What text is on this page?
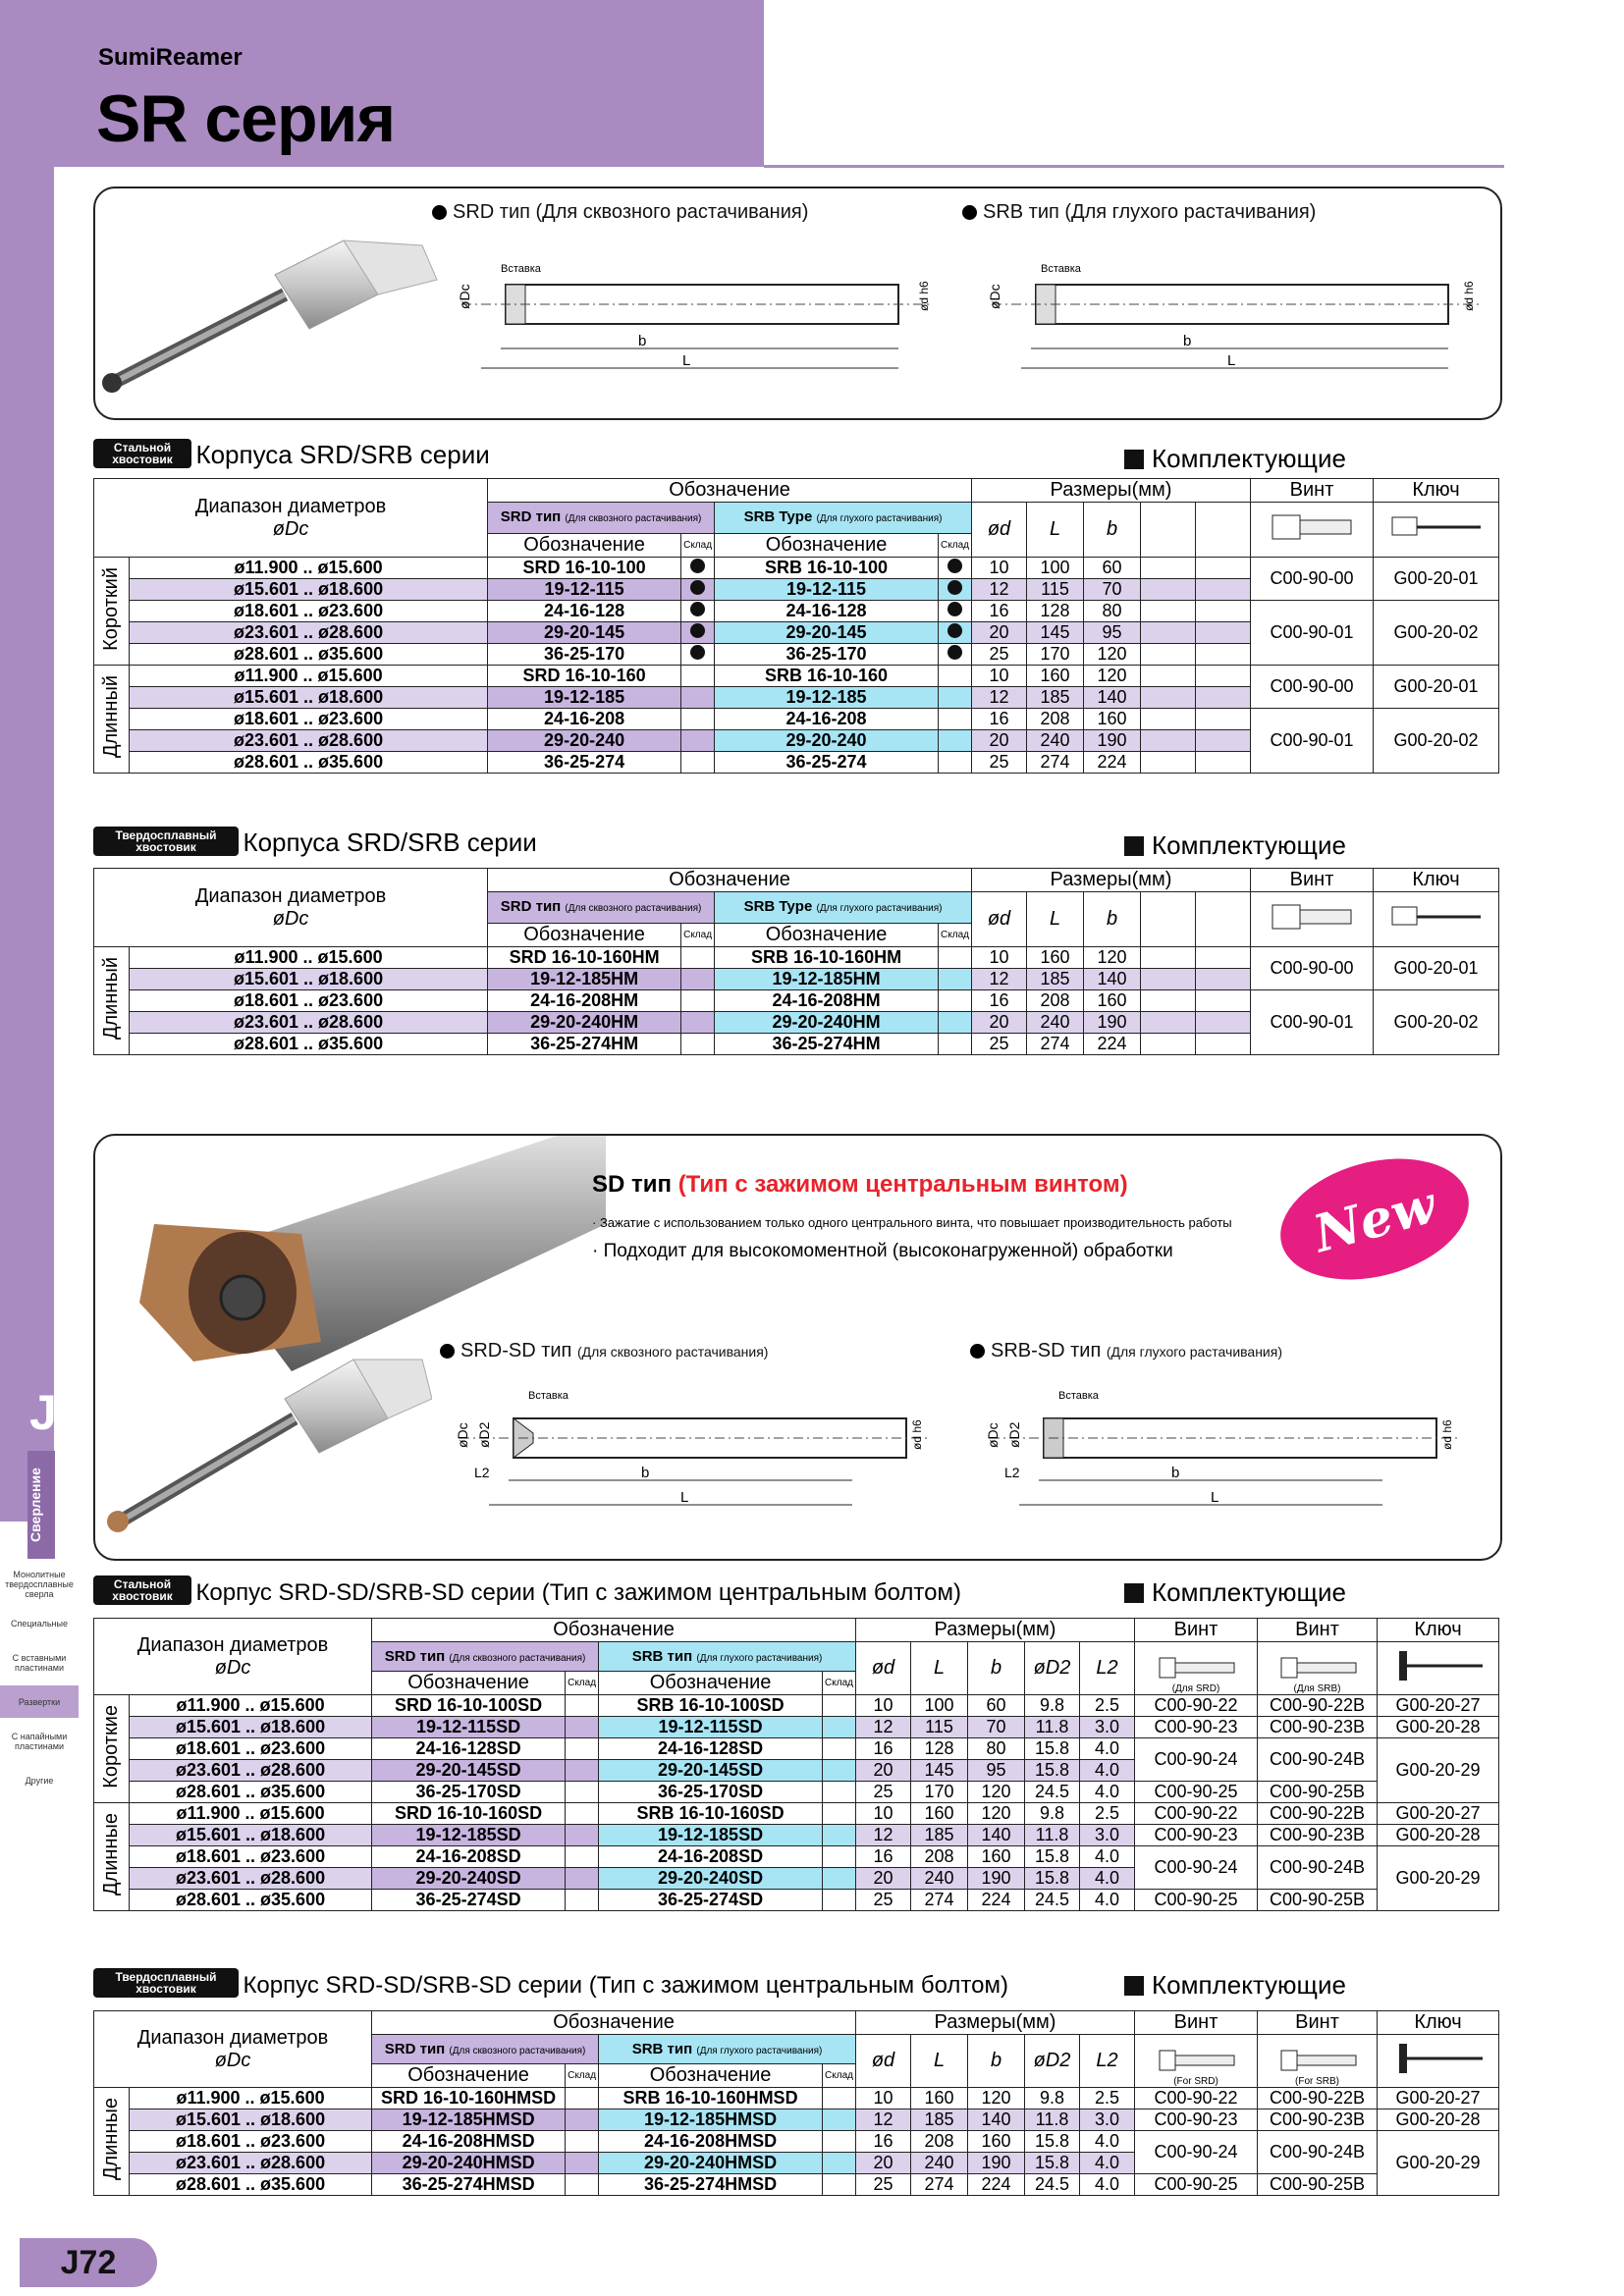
SumiReamer
SR серия
J
Сверление
Монолитные твердосплавные сверла
Специальные
С вставными пластинами
Развертки
С напайными пластинами
Другие
SRD тип (Для сквозного растачивания)	SRB тип (Для глухого растачивания)
øDc	ød h6
Вставка
b
L
øDc	ød h6
Вставка
b
L
Стальной хвостовик Корпуса SRD/SRB серии	Комплектующие
Диапазон диаметров
øDc		Обозначение				Размеры(мм)					Винт	Ключ
		SRD тип (Для сквозного растачивания)		SRB Type (Для глухого растачивания)		ød	L	b				
		Обозначение	Склад	Обозначение	Склад							
Короткий	ø11.900 .. ø15.600	SRD 16-10-100		SRB 16-10-100		10	100	60			C00-90-00	G00-20-01
	ø15.601 .. ø18.600	19-12-115		19-12-115		12	115	70				
	ø18.601 .. ø23.600	24-16-128		24-16-128		16	128	80			C00-90-01	G00-20-02
	ø23.601 .. ø28.600	29-20-145		29-20-145		20	145	95				
	ø28.601 .. ø35.600	36-25-170		36-25-170		25	170	120				
Длинный	ø11.900 .. ø15.600	SRD 16-10-160		SRB 16-10-160		10	160	120			C00-90-00	G00-20-01
	ø15.601 .. ø18.600	19-12-185		19-12-185		12	185	140				
	ø18.601 .. ø23.600	24-16-208		24-16-208		16	208	160			C00-90-01	G00-20-02
	ø23.601 .. ø28.600	29-20-240		29-20-240		20	240	190				
	ø28.601 .. ø35.600	36-25-274		36-25-274		25	274	224				
Твердосплавный хвостовик Корпуса SRD/SRB серии	Комплектующие
Диапазон диаметров
øDc		Обозначение				Размеры(мм)					Винт	Ключ
		SRD тип (Для сквозного растачивания)		SRB Type (Для глухого растачивания)		ød	L	b				
		Обозначение	Склад	Обозначение	Склад							
Длинный	ø11.900 .. ø15.600	SRD 16-10-160HM		SRB 16-10-160HM		10	160	120			C00-90-00	G00-20-01
	ø15.601 .. ø18.600	19-12-185HM		19-12-185HM		12	185	140				
	ø18.601 .. ø23.600	24-16-208HM		24-16-208HM		16	208	160			C00-90-01	G00-20-02
	ø23.601 .. ø28.600	29-20-240HM		29-20-240HM		20	240	190				
	ø28.601 .. ø35.600	36-25-274HM		36-25-274HM		25	274	224				
SD тип (Тип с зажимом центральным винтом)
· Зажатие с использованием только одного центрального винта, что повышает производительность работы
· Подходит для высокомоментной (высоконагруженной) обработки	New
SRD-SD тип (Для сквозного растачивания)	SRB-SD тип (Для глухого растачивания)
øDc øD2	ød h6
Вставка
L2	b
L
øDc øD2	ød h6
Вставка
L2	b
L
Стальной хвостовик Корпус SRD-SD/SRB-SD серии (Тип с зажимом центральным болтом)	Комплектующие
Диапазон диаметров
øDc		Обозначение				Размеры(мм)					Винт	Винт	Ключ
		SRD тип (Для сквозного растачивания)		SRB тип (Для глухого растачивания)		ød	L	b	øD2	L2	(Для SRD)	(Для SRB)	
		Обозначение	Склад	Обозначение	Склад								
Короткие	ø11.900 .. ø15.600	SRD 16-10-100SD		SRB 16-10-100SD		10	100	60	9.8	2.5	C00-90-22	C00-90-22B	G00-20-27
	ø15.601 .. ø18.600	19-12-115SD		19-12-115SD		12	115	70	11.8	3.0	C00-90-23	C00-90-23B	G00-20-28
	ø18.601 .. ø23.600	24-16-128SD		24-16-128SD		16	128	80	15.8	4.0	C00-90-24	C00-90-24B	G00-20-29
	ø23.601 .. ø28.600	29-20-145SD		29-20-145SD		20	145	95	15.8	4.0			
	ø28.601 .. ø35.600	36-25-170SD		36-25-170SD		25	170	120	24.5	4.0	C00-90-25	C00-90-25B	
Длинные	ø11.900 .. ø15.600	SRD 16-10-160SD		SRB 16-10-160SD		10	160	120	9.8	2.5	C00-90-22	C00-90-22B	G00-20-27
	ø15.601 .. ø18.600	19-12-185SD		19-12-185SD		12	185	140	11.8	3.0	C00-90-23	C00-90-23B	G00-20-28
	ø18.601 .. ø23.600	24-16-208SD		24-16-208SD		16	208	160	15.8	4.0	C00-90-24	C00-90-24B	G00-20-29
	ø23.601 .. ø28.600	29-20-240SD		29-20-240SD		20	240	190	15.8	4.0			
	ø28.601 .. ø35.600	36-25-274SD		36-25-274SD		25	274	224	24.5	4.0	C00-90-25	C00-90-25B	
Твердосплавный хвостовик Корпус SRD-SD/SRB-SD серии (Тип с зажимом центральным болтом)	Комплектующие
Диапазон диаметров
øDc		Обозначение				Размеры(мм)					Винт	Винт	Ключ
		SRD тип (Для сквозного растачивания)		SRB тип (Для глухого растачивания)		ød	L	b	øD2	L2	(For SRD)	(For SRB)	
		Обозначение	Склад	Обозначение	Склад								
Длинные	ø11.900 .. ø15.600	SRD 16-10-160HMSD		SRB 16-10-160HMSD		10	160	120	9.8	2.5	C00-90-22	C00-90-22B	G00-20-27
	ø15.601 .. ø18.600	19-12-185HMSD		19-12-185HMSD		12	185	140	11.8	3.0	C00-90-23	C00-90-23B	G00-20-28
	ø18.601 .. ø23.600	24-16-208HMSD		24-16-208HMSD		16	208	160	15.8	4.0	C00-90-24	C00-90-24B	G00-20-29
	ø23.601 .. ø28.600	29-20-240HMSD		29-20-240HMSD		20	240	190	15.8	4.0			
	ø28.601 .. ø35.600	36-25-274HMSD		36-25-274HMSD		25	274	224	24.5	4.0	C00-90-25	C00-90-25B	
J72
